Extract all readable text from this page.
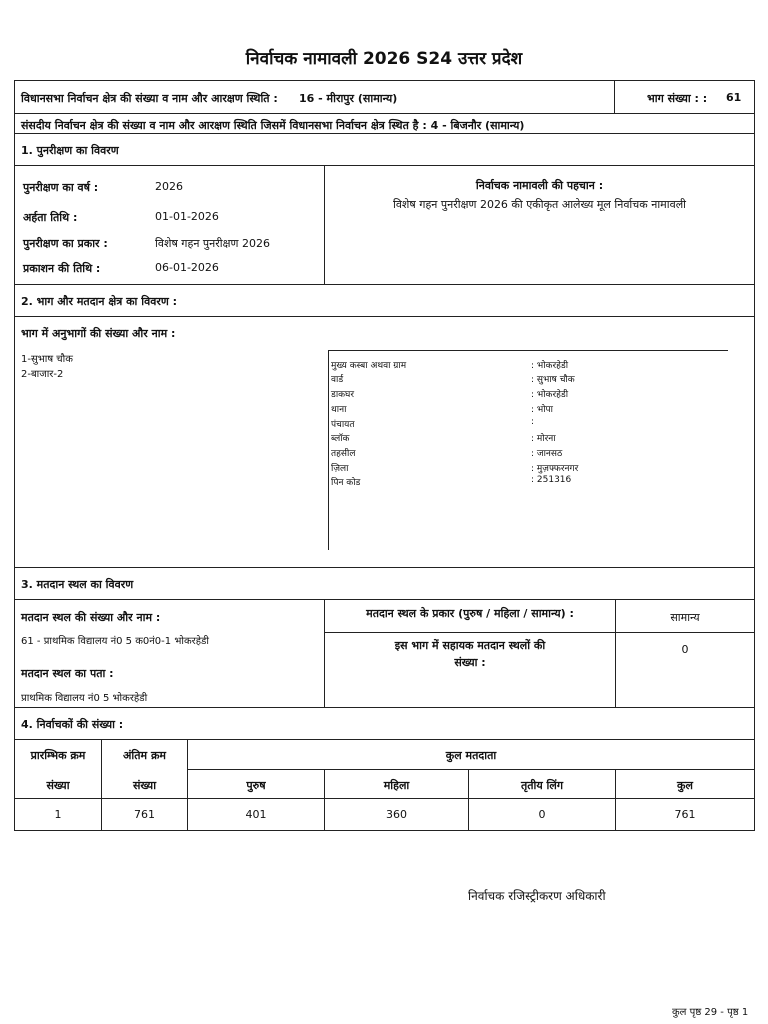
निर्वाचक नामावली 2026 S24 उत्तर प्रदेश
विधानसभा निर्वाचन क्षेत्र की संख्या व नाम और आरक्षण स्थिति : 16 - मीरापुर (सामान्य)	भाग संख्या : : 61
संसदीय निर्वाचन क्षेत्र की संख्या व नाम और आरक्षण स्थिति जिसमें विधानसभा निर्वाचन क्षेत्र स्थित है : 4 - बिजनौर (सामान्य)
1. पुनरीक्षण का विवरण
पुनरीक्षण का वर्ष :	2026
अर्हता तिथि :	01-01-2026
पुनरीक्षण का प्रकार :	विशेष गहन पुनरीक्षण 2026
प्रकाशन की तिथि :	06-01-2026
निर्वाचक नामावली की पहचान :
विशेष गहन पुनरीक्षण 2026 की एकीकृत आलेख्य मूल निर्वाचक नामावली
2. भाग और मतदान क्षेत्र का विवरण :
भाग में अनुभागों की संख्या और नाम :
1-सुभाष चौक
2-बाजार-2
मुख्य कस्बा अथवा ग्राम	: भोकरहेडी
वार्ड	: सुभाष चौक
डाकघर	: भोकरहेडी
थाना	: भोपा
पंचायत	:
ब्लॉक	: मोरना
तहसील	: जानसठ
ज़िला	: मुज़फ्फरनगर
पिन कोड	: 251316
3. मतदान स्थल का विवरण
मतदान स्थल की संख्या और नाम :
61 - प्राथमिक विद्यालय नं0 5 क0नं0-1 भोकरहेडी
मतदान स्थल का पता :
प्राथमिक विद्यालय नं0 5 भोकरहेडी
मतदान स्थल के प्रकार (पुरुष / महिला / सामान्य) :	सामान्य
इस भाग में सहायक मतदान स्थलों की
संख्या :
0
4. निर्वाचकों की संख्या :
प्रारम्भिक क्रम
संख्या
अंतिम क्रम
संख्या
कुल मतदाता
पुरुष	महिला	तृतीय लिंग	कुल
1	761	401	360	0	761
निर्वाचक रजिस्ट्रीकरण अधिकारी
कुल पृष्ठ 29 - पृष्ठ 1
